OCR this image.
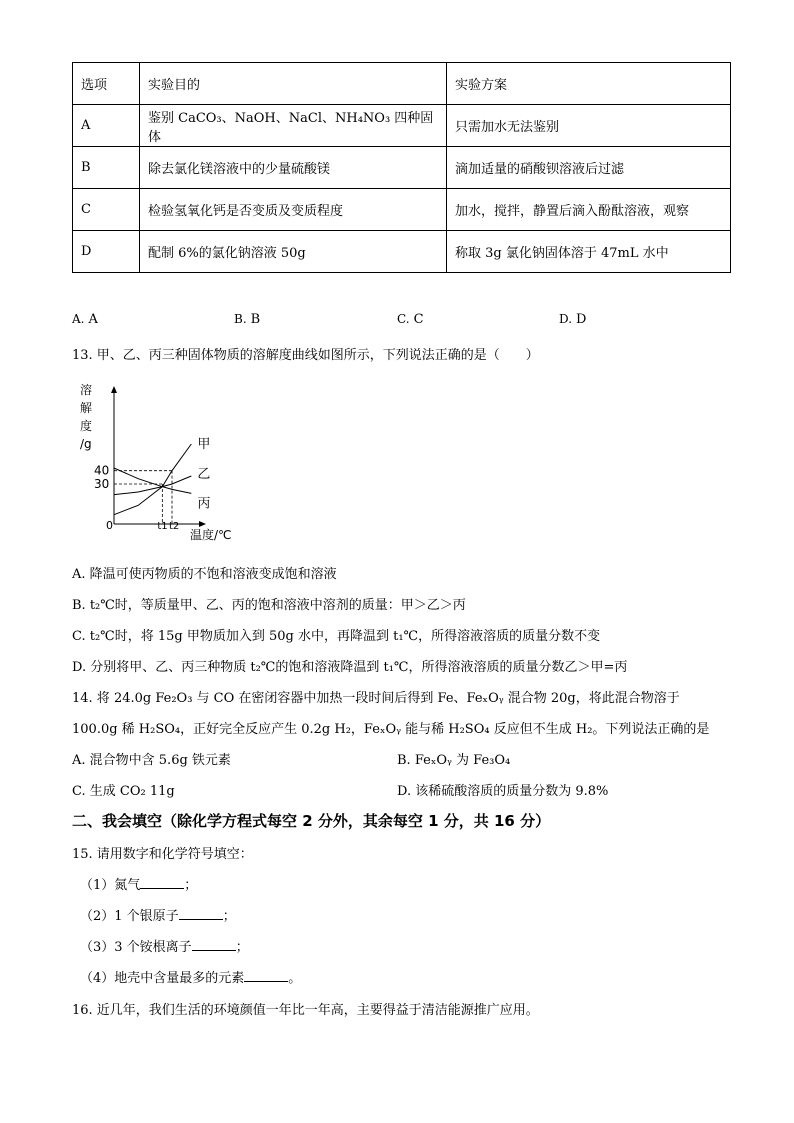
选项	实验目的	实验方案
A	鉴别 CaCO₃、NaOH、NaCl、NH₄NO₃ 四种固体	只需加水无法鉴别
B	除去氯化镁溶液中的少量硫酸镁	滴加适量的硝酸钡溶液后过滤
C	检验氢氧化钙是否变质及变质程度	加水，搅拌，静置后滴入酚酞溶液，观察
D	配制 6%的氯化钠溶液 50g	称取 3g 氯化钠固体溶于 47mL 水中
A. A	B. B	C. C	D. D
13. 甲、乙、丙三种固体物质的溶解度曲线如图所示，下列说法正确的是（　　）
溶
解
度
/g	甲
乙
丙
40
30
0	t1 t2
温度/℃
A. 降温可使丙物质的不饱和溶液变成饱和溶液
B. t₂℃时，等质量甲、乙、丙的饱和溶液中溶剂的质量：甲＞乙＞丙
C. t₂℃时，将 15g 甲物质加入到 50g 水中，再降温到 t₁℃，所得溶液溶质的质量分数不变
D. 分别将甲、乙、丙三种物质 t₂℃的饱和溶液降温到 t₁℃，所得溶液溶质的质量分数乙＞甲=丙
14. 将 24.0g Fe₂O₃ 与 CO 在密闭容器中加热一段时间后得到 Fe、FeₓOᵧ 混合物 20g，将此混合物溶于
100.0g 稀 H₂SO₄，正好完全反应产生 0.2g H₂，FeₓOᵧ 能与稀 H₂SO₄ 反应但不生成 H₂。下列说法正确的是
A. 混合物中含 5.6g 铁元素	B. FeₓOᵧ 为 Fe₃O₄
C. 生成 CO₂ 11g	D. 该稀硫酸溶质的质量分数为 9.8%
二、我会填空（除化学方程式每空 2 分外，其余每空 1 分，共 16 分）
15. 请用数字和化学符号填空：
（1）氮气	；
（2）1 个银原子	；
（3）3 个铵根离子	；
（4）地壳中含量最多的元素	。
16. 近几年，我们生活的环境颜值一年比一年高，主要得益于清洁能源推广应用。
